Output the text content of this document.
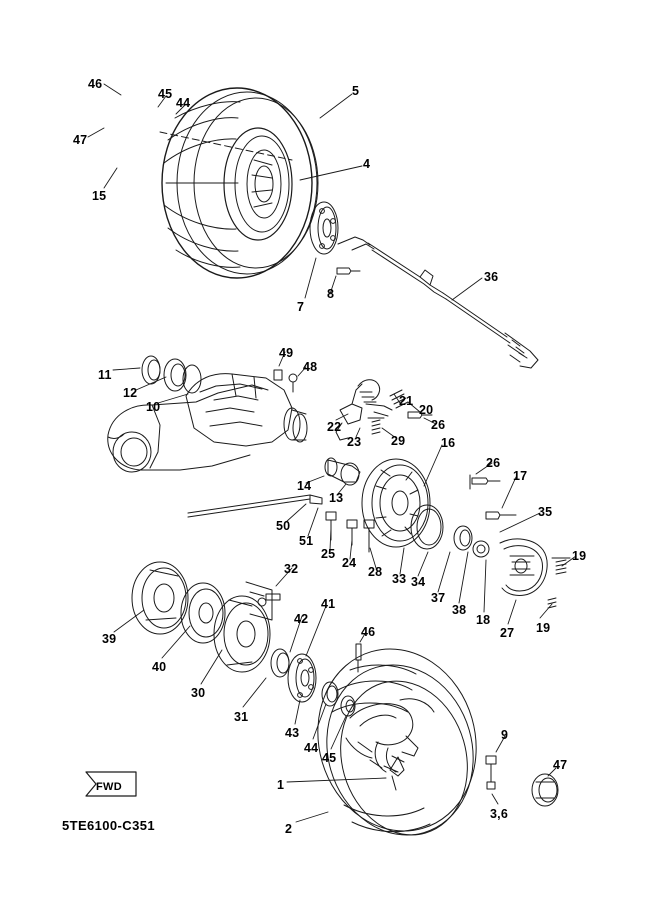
FWD
5TE6100-C351
46
45
44
5
47
4
15
36
8
7
49
48
11
12
10	21
20
22
23 29
26
16
26
17
14
13
35
50
51
25
24
28 33 34
37
38
18
27 19
19
32
39
40
30
31
42
41
46
43
44
45
1
2
9
3,6
47
